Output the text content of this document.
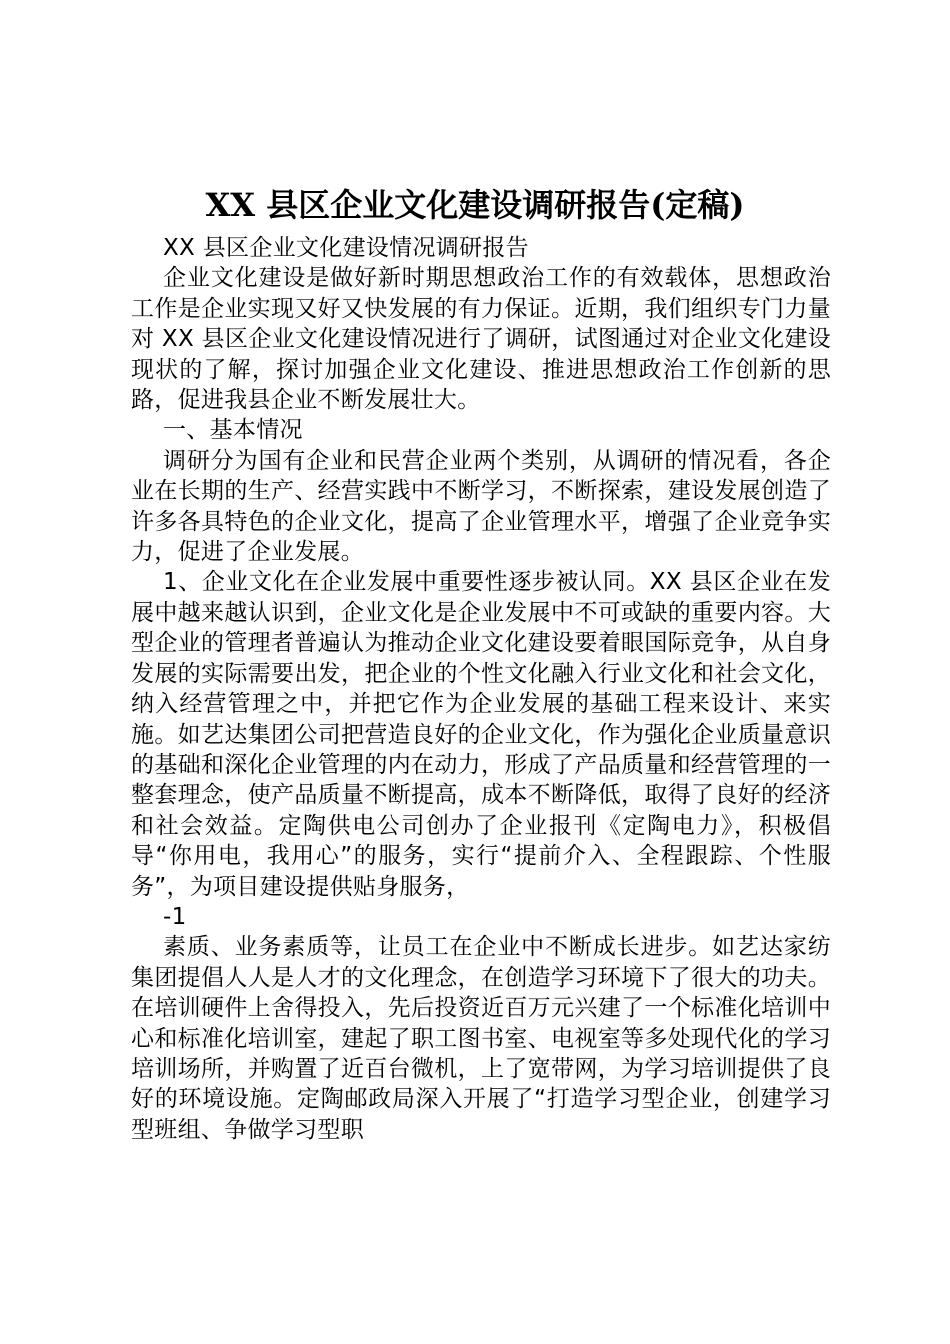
XX 县区企业文化建设调研报告(定稿)

XX 县区企业文化建设情况调研报告

企业文化建设是做好新时期思想政治工作的有效载体，思想政治工作是企业实现又好又快发展的有力保证。近期，我们组织专门力量对 XX 县区企业文化建设情况进行了调研，试图通过对企业文化建设现状的了解，探讨加强企业文化建设、推进思想政治工作创新的思路，促进我县企业不断发展壮大。

一、基本情况

调研分为国有企业和民营企业两个类别，从调研的情况看，各企业在长期的生产、经营实践中不断学习，不断探索，建设发展创造了许多各具特色的企业文化，提高了企业管理水平，增强了企业竞争实力，促进了企业发展。

1、企业文化在企业发展中重要性逐步被认同。XX 县区企业在发展中越来越认识到，企业文化是企业发展中不可或缺的重要内容。大型企业的管理者普遍认为推动企业文化建设要着眼国际竞争，从自身发展的实际需要出发，把企业的个性文化融入行业文化和社会文化，纳入经营管理之中，并把它作为企业发展的基础工程来设计、来实施。如艺达集团公司把营造良好的企业文化，作为强化企业质量意识的基础和深化企业管理的内在动力，形成了产品质量和经营管理的一整套理念，使产品质量不断提高，成本不断降低，取得了良好的经济和社会效益。定陶供电公司创办了企业报刊《定陶电力》，积极倡导“你用电，我用心”的服务，实行“提前介入、全程跟踪、个性服务”，为项目建设提供贴身服务，

-1

素质、业务素质等，让员工在企业中不断成长进步。如艺达家纺集团提倡人人是人才的文化理念，在创造学习环境下了很大的功夫。在培训硬件上舍得投入，先后投资近百万元兴建了一个标准化培训中心和标准化培训室，建起了职工图书室、电视室等多处现代化的学习培训场所，并购置了近百台微机，上了宽带网，为学习培训提供了良好的环境设施。定陶邮政局深入开展了“打造学习型企业，创建学习型班组、争做学习型职
